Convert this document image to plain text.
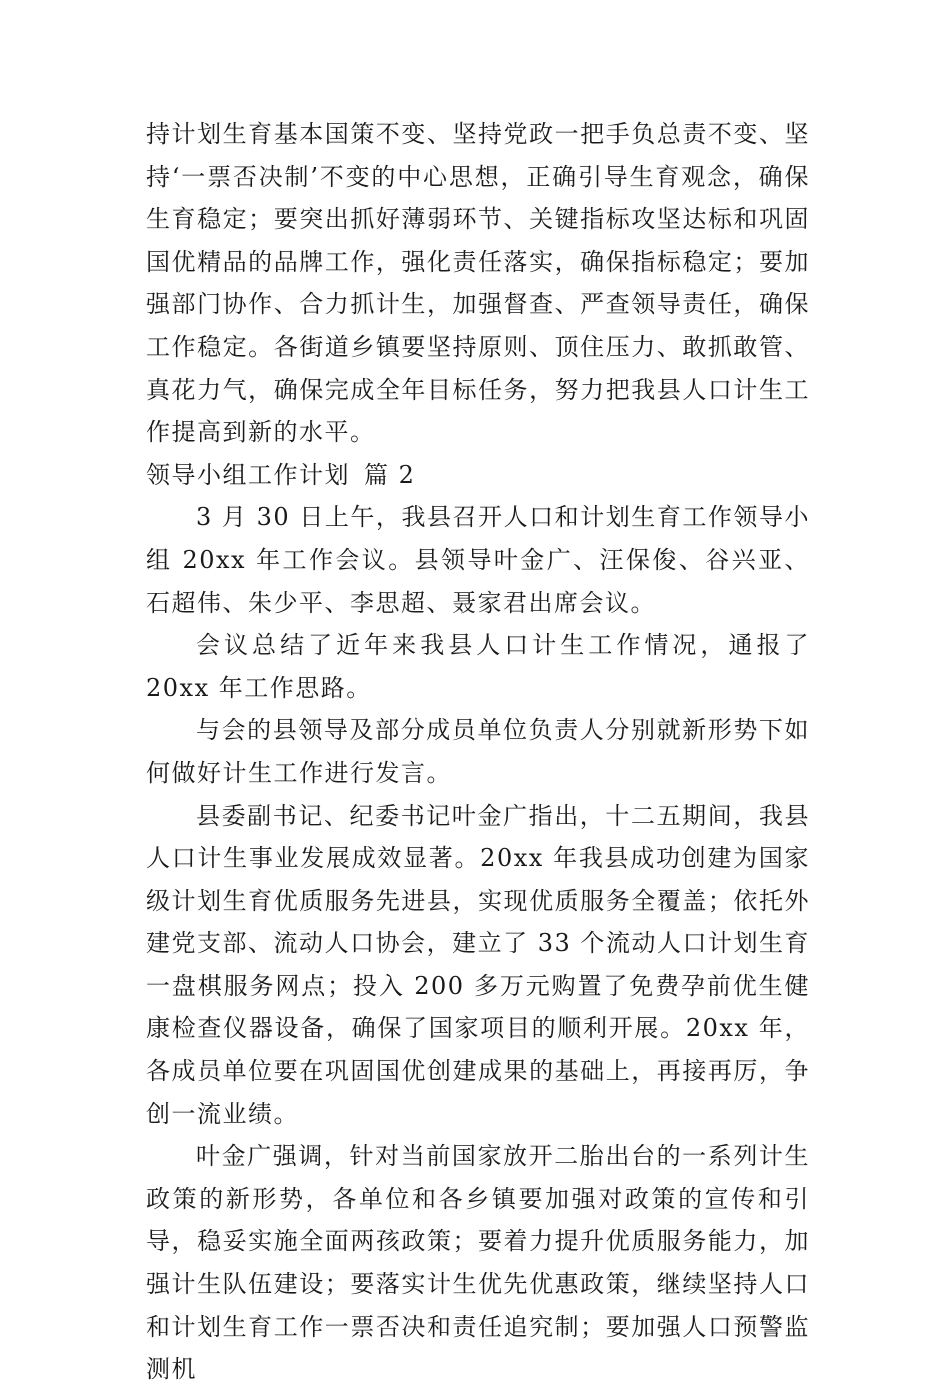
持计划生育基本国策不变、坚持党政一把手负总责不变、坚持‘一票否决制’不变的中心思想，正确引导生育观念，确保生育稳定；要突出抓好薄弱环节、关键指标攻坚达标和巩固国优精品的品牌工作，强化责任落实，确保指标稳定；要加强部门协作、合力抓计生，加强督查、严查领导责任，确保工作稳定。各街道乡镇要坚持原则、顶住压力、敢抓敢管、真花力气，确保完成全年目标任务，努力把我县人口计生工作提高到新的水平。

领导小组工作计划 篇 2

3 月 30 日上午，我县召开人口和计划生育工作领导小组 20xx 年工作会议。县领导叶金广、汪保俊、谷兴亚、石超伟、朱少平、李思超、聂家君出席会议。

会议总结了近年来我县人口计生工作情况，通报了 20xx 年工作思路。

与会的县领导及部分成员单位负责人分别就新形势下如何做好计生工作进行发言。

县委副书记、纪委书记叶金广指出，十二五期间，我县人口计生事业发展成效显著。20xx 年我县成功创建为国家级计划生育优质服务先进县，实现优质服务全覆盖；依托外建党支部、流动人口协会，建立了 33 个流动人口计划生育一盘棋服务网点；投入 200 多万元购置了免费孕前优生健康检查仪器设备，确保了国家项目的顺利开展。20xx 年，各成员单位要在巩固国优创建成果的基础上，再接再厉，争创一流业绩。

叶金广强调，针对当前国家放开二胎出台的一系列计生政策的新形势，各单位和各乡镇要加强对政策的宣传和引导，稳妥实施全面两孩政策；要着力提升优质服务能力，加强计生队伍建设；要落实计生优先优惠政策，继续坚持人口和计划生育工作一票否决和责任追究制；要加强人口预警监测机
